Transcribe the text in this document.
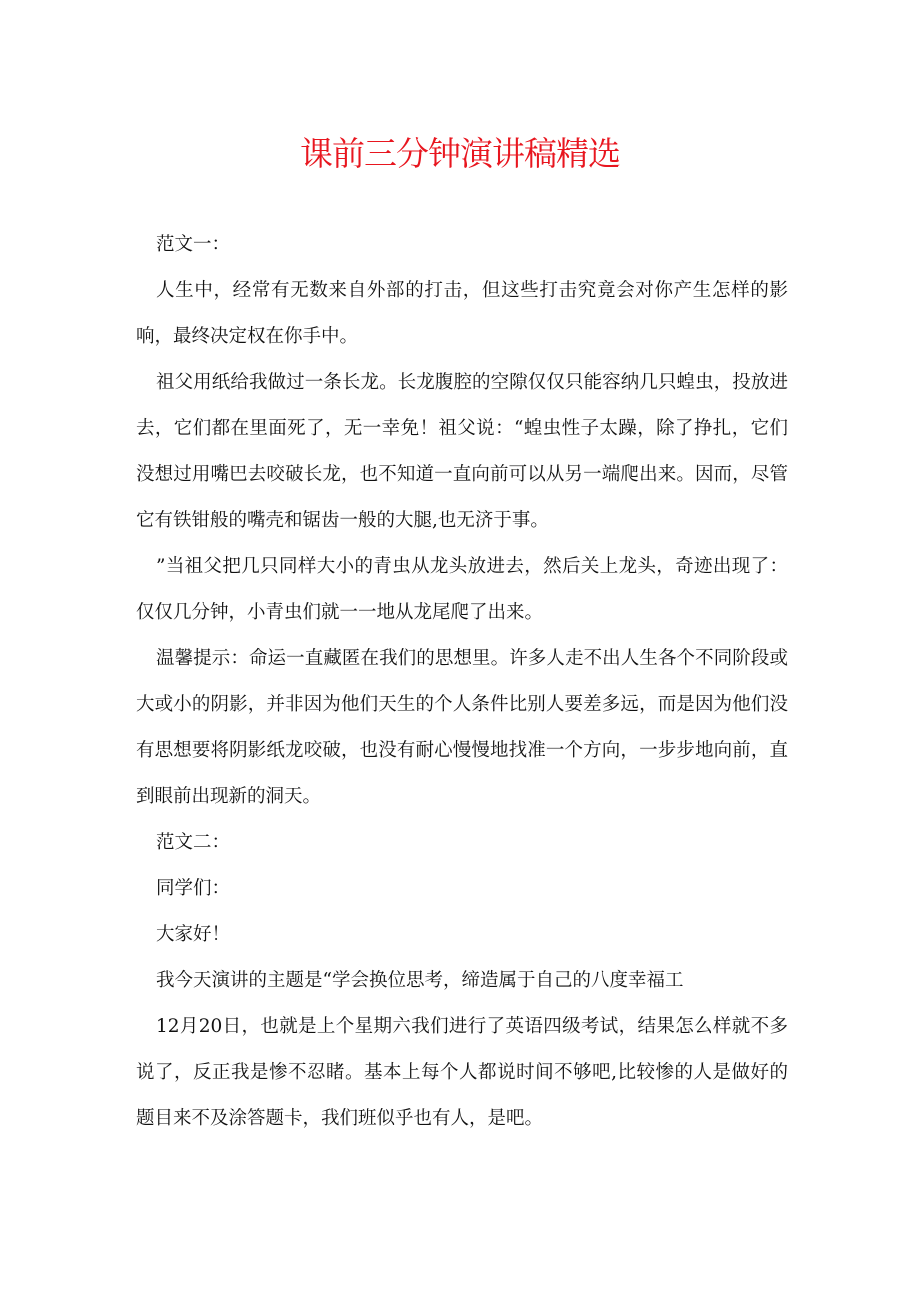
课前三分钟演讲稿精选

范文一：

人生中，经常有无数来自外部的打击，但这些打击究竟会对你产生怎样的影响，最终决定权在你手中。

祖父用纸给我做过一条长龙。长龙腹腔的空隙仅仅只能容纳几只蝗虫，投放进去，它们都在里面死了，无一幸免！祖父说：“蝗虫性子太躁，除了挣扎，它们没想过用嘴巴去咬破长龙，也不知道一直向前可以从另一端爬出来。因而，尽管它有铁钳般的嘴壳和锯齿一般的大腿,也无济于事。

”当祖父把几只同样大小的青虫从龙头放进去，然后关上龙头，奇迹出现了：仅仅几分钟，小青虫们就一一地从龙尾爬了出来。

温馨提示：命运一直藏匿在我们的思想里。许多人走不出人生各个不同阶段或大或小的阴影，并非因为他们天生的个人条件比别人要差多远，而是因为他们没有思想要将阴影纸龙咬破，也没有耐心慢慢地找准一个方向，一步步地向前，直到眼前出现新的洞天。

范文二：

同学们：

大家好！

我今天演讲的主题是“学会换位思考，缔造属于自己的八度幸福工

12月20日，也就是上个星期六我们进行了英语四级考试，结果怎么样就不多说了，反正我是惨不忍睹。基本上每个人都说时间不够吧,比较惨的人是做好的题目来不及涂答题卡，我们班似乎也有人，是吧。
